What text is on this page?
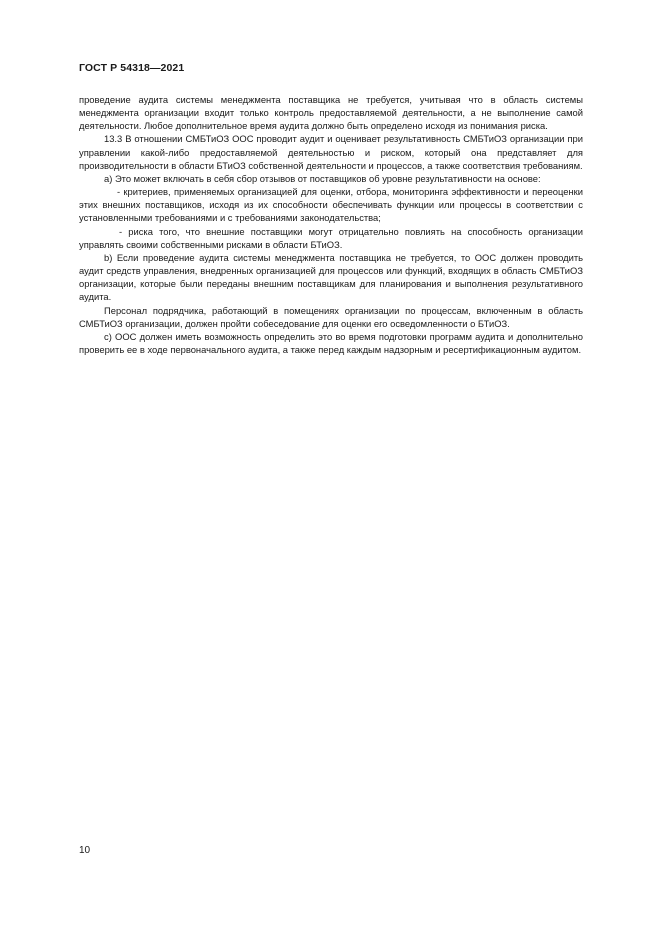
ГОСТ Р 54318—2021

проведение аудита системы менеджмента поставщика не требуется, учитывая что в область системы менеджмента организации входит только контроль предоставляемой деятельности, а не выполнение самой деятельности. Любое дополнительное время аудита должно быть определено исходя из понимания риска.

13.3 В отношении СМБТиОЗ ООС проводит аудит и оценивает результативность СМБТиОЗ организации при управлении какой-либо предоставляемой деятельностью и риском, который она представляет для производительности в области БТиОЗ собственной деятельности и процессов, а также соответствия требованиям.

a) Это может включать в себя сбор отзывов от поставщиков об уровне результативности на основе:

- критериев, применяемых организацией для оценки, отбора, мониторинга эффективности и переоценки этих внешних поставщиков, исходя из их способности обеспечивать функции или процессы в соответствии с установленными требованиями и с требованиями законодательства;

- риска того, что внешние поставщики могут отрицательно повлиять на способность организации управлять своими собственными рисками в области БТиОЗ.

b) Если проведение аудита системы менеджмента поставщика не требуется, то ООС должен проводить аудит средств управления, внедренных организацией для процессов или функций, входящих в область СМБТиОЗ организации, которые были переданы внешним поставщикам для планирования и выполнения результативного аудита.

Персонал подрядчика, работающий в помещениях организации по процессам, включенным в область СМБТиОЗ организации, должен пройти собеседование для оценки его осведомленности о БТиОЗ.

c) ООС должен иметь возможность определить это во время подготовки программ аудита и дополнительно проверить ее в ходе первоначального аудита, а также перед каждым надзорным и ресертификационным аудитом.

10
